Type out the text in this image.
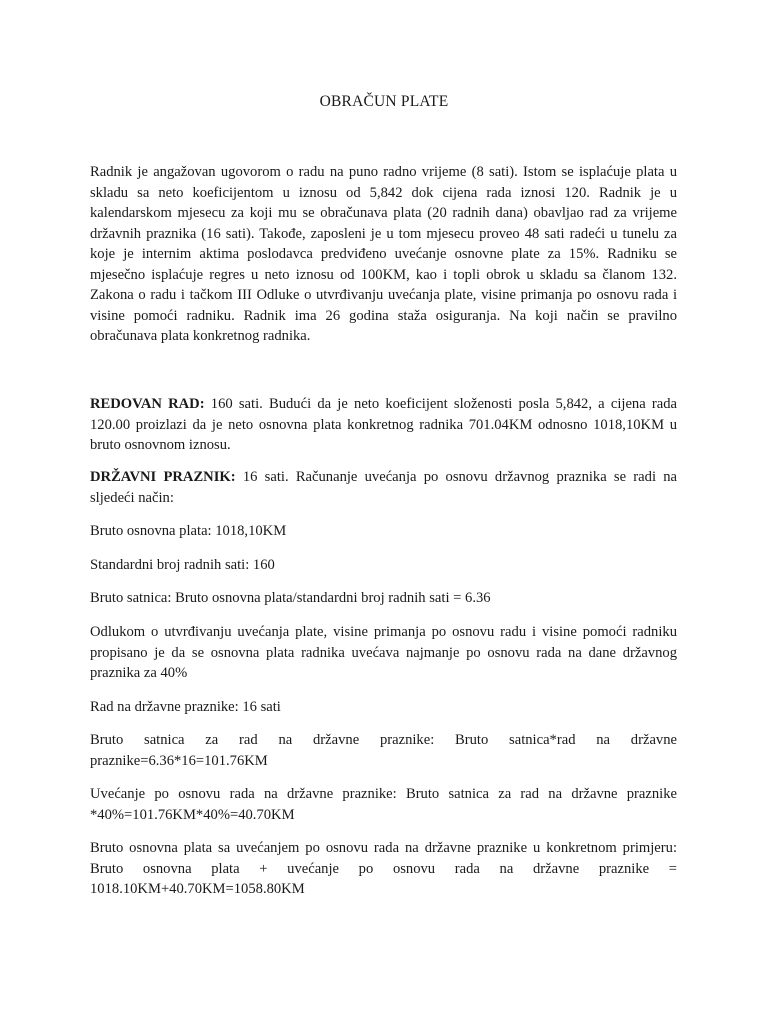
OBRAČUN PLATE

Radnik je angažovan ugovorom o radu na puno radno vrijeme (8 sati). Istom se isplaćuje plata u skladu sa neto koeficijentom u iznosu od 5,842 dok cijena rada iznosi 120. Radnik je u kalendarskom mjesecu za koji mu se obračunava plata (20 radnih dana) obavljao rad za vrijeme državnih praznika (16 sati). Takođe, zaposleni je u tom mjesecu proveo 48 sati radeći u tunelu za koje je internim aktima poslodavca predviđeno uvećanje osnovne plate za 15%. Radniku se mjesečno isplaćuje regres u neto iznosu od 100KM, kao i topli obrok u skladu sa članom 132. Zakona o radu i tačkom III Odluke o utvrđivanju uvećanja plate, visine primanja po osnovu rada i visine pomoći radniku. Radnik ima 26 godina staža osiguranja. Na koji način se pravilno obračunava plata konkretnog radnika.

REDOVAN RAD: 160 sati. Budući da je neto koeficijent složenosti posla 5,842, a cijena rada 120.00 proizlazi da je neto osnovna plata konkretnog radnika 701.04KM odnosno 1018,10KM u bruto osnovnom iznosu.

DRŽAVNI PRAZNIK: 16 sati. Računanje uvećanja po osnovu državnog praznika se radi na sljedeći način:

Bruto osnovna plata: 1018,10KM

Standardni broj radnih sati: 160

Bruto satnica: Bruto osnovna plata/standardni broj radnih sati = 6.36

Odlukom o utvrđivanju uvećanja plate, visine primanja po osnovu radu i visine pomoći radniku propisano je da se osnovna plata radnika uvećava najmanje po osnovu rada na dane državnog praznika za 40%

Rad na državne praznike: 16 sati

Bruto satnica za rad na državne praznike: Bruto satnica*rad na državne praznike=6.36*16=101.76KM

Uvećanje po osnovu rada na državne praznike: Bruto satnica za rad na državne praznike *40%=101.76KM*40%=40.70KM

Bruto osnovna plata sa uvećanjem po osnovu rada na državne praznike u konkretnom primjeru: Bruto osnovna plata + uvećanje po osnovu rada na državne praznike = 1018.10KM+40.70KM=1058.80KM
